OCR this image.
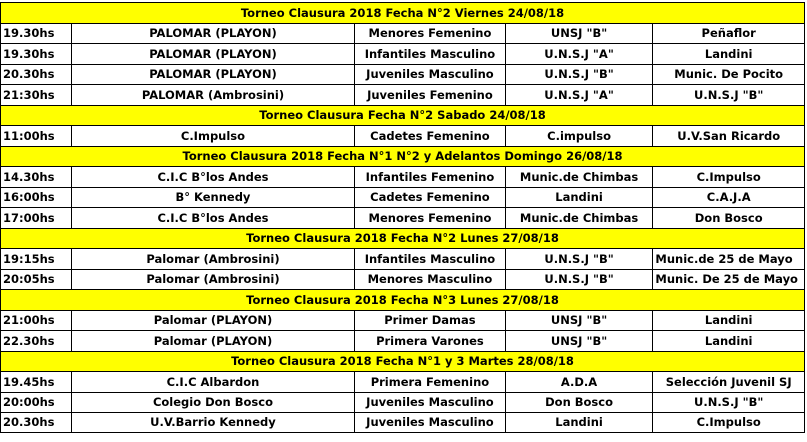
Torneo Clausura 2018 Fecha N°2 Viernes 24/08/18
19.30hs	PALOMAR (PLAYON)	Menores Femenino	UNSJ "B"	Peñaflor
19.30hs	PALOMAR (PLAYON)	Infantiles Masculino	U.N.S.J "A"	Landini
20.30hs	PALOMAR (PLAYON)	Juveniles Masculino	U.N.S.J "B"	Munic. De Pocito
21:30hs	PALOMAR (Ambrosini)	Juveniles Femenino	U.N.S.J "A"	U.N.S.J "B"
Torneo Clausura Fecha N°2 Sabado 24/08/18
11:00hs	C.Impulso	Cadetes Femenino	C.impulso	U.V.San Ricardo
Torneo Clausura 2018 Fecha N°1 N°2 y Adelantos Domingo 26/08/18
14.30hs	C.I.C B°los Andes	Infantiles Femenino	Munic.de Chimbas	C.Impulso
16:00hs	B° Kennedy	Cadetes Femenino	Landini	C.A.J.A
17:00hs	C.I.C B°los Andes	Menores Femenino	Munic.de Chimbas	Don Bosco
Torneo Clausura 2018 Fecha N°2 Lunes 27/08/18
19:15hs	Palomar (Ambrosini)	Infantiles Masculino	U.N.S.J "B"	Munic.de 25 de Mayo
20:05hs	Palomar (Ambrosini)	Menores Masculino	U.N.S.J "B"	Munic. De 25 de Mayo
Torneo Clausura 2018 Fecha N°3 Lunes 27/08/18
21:00hs	Palomar (PLAYON)	Primer Damas	UNSJ "B"	Landini
22.30hs	Palomar (PLAYON)	Primera Varones	UNSJ "B"	Landini
Torneo Clausura 2018 Fecha N°1 y 3 Martes 28/08/18
19.45hs	C.I.C Albardon	Primera Femenino	A.D.A	Selección Juvenil SJ
20:00hs	Colegio Don Bosco	Juveniles Masculino	Don Bosco	U.N.S.J "B"
20.30hs	U.V.Barrio Kennedy	Juveniles Masculino	Landini	C.Impulso
